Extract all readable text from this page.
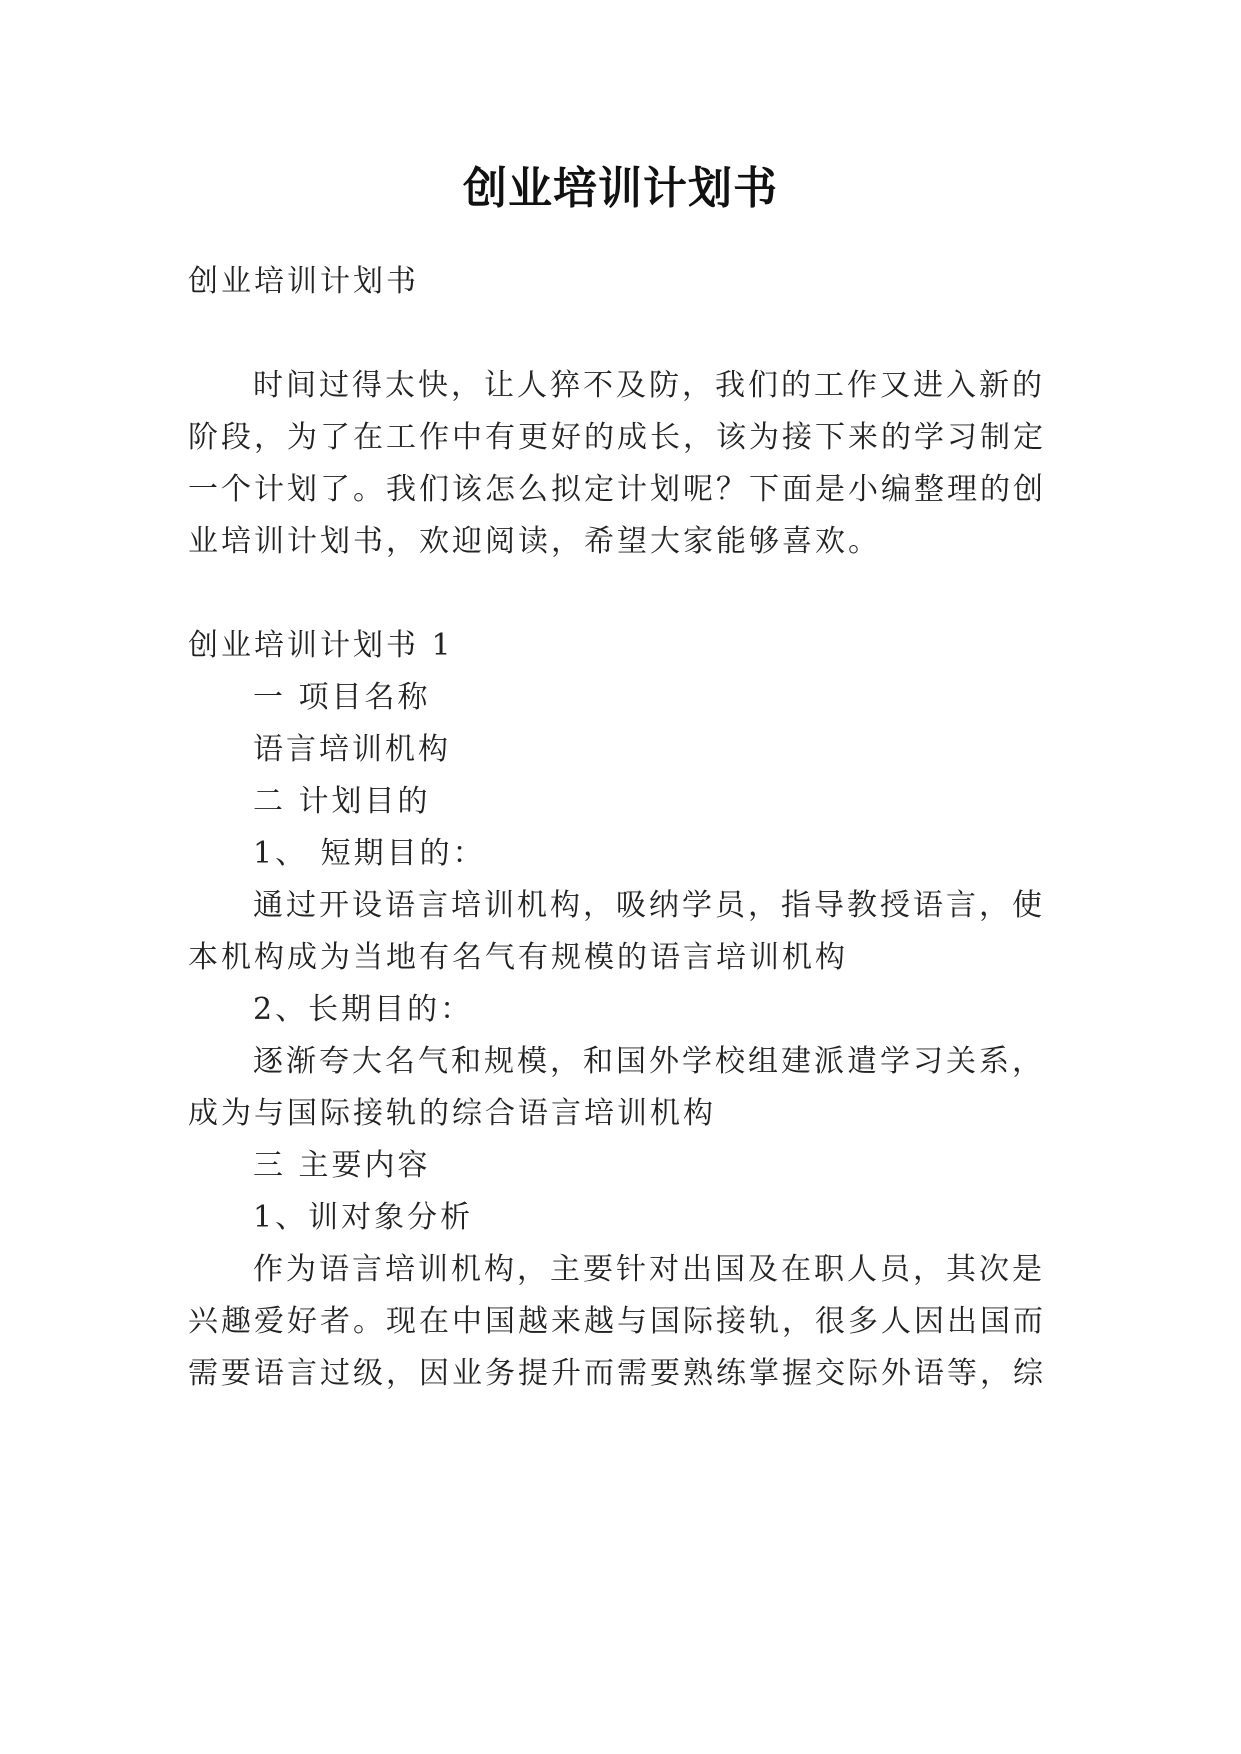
创业培训计划书
创业培训计划书
时间过得太快，让人猝不及防，我们的工作又进入新的
阶段，为了在工作中有更好的成长，该为接下来的学习制定
一个计划了。我们该怎么拟定计划呢？下面是小编整理的创
业培训计划书，欢迎阅读，希望大家能够喜欢。
创业培训计划书 1
一 项目名称
语言培训机构
二 计划目的
1、 短期目的：
通过开设语言培训机构，吸纳学员，指导教授语言，使
本机构成为当地有名气有规模的语言培训机构
2、长期目的：
逐渐夸大名气和规模，和国外学校组建派遣学习关系，
成为与国际接轨的综合语言培训机构
三 主要内容
1、训对象分析
作为语言培训机构，主要针对出国及在职人员，其次是
兴趣爱好者。现在中国越来越与国际接轨，很多人因出国而
需要语言过级，因业务提升而需要熟练掌握交际外语等，综
